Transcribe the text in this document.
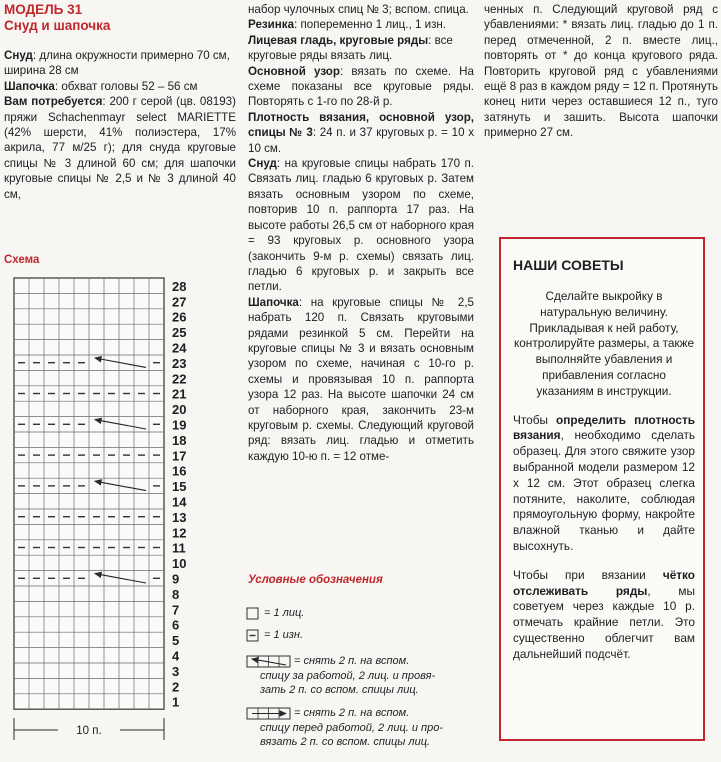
МОДЕЛЬ 31

Снуд и шапочка

Снуд: длина окружности примерно 70 см, ширина 28 см

Шапочка: обхват головы 52 – 56 см

Вам потребуется: 200 г серой (цв. 08193) пряжи Schachenmayr select MARIETTE (42% шерсти, 41% полиэстера, 17% акрила, 77 м/25 г); для снуда круговые спицы № 3 длиной 60 см; для шапочки круговые спицы № 2,5 и № 3 длиной 40 см,

набор чулочных спиц № 3; вспом. спица.

Резинка: попеременно 1 лиц., 1 изн.

Лицевая гладь, круговые ряды: все круговые ряды вязать лиц.

Основной узор: вязать по схеме. На схеме показаны все круговые ряды. Повторять с 1-го по 28-й р.

Плотность вязания, основной узор, спицы № 3: 24 п. и 37 круговых р. = 10 х 10 см.

Снуд: на круговые спицы набрать 170 п. Связать лиц. гладью 6 круговых р. Затем вязать основным узором по схеме, повторив 10 п. раппорта 17 раз. На высоте работы 26,5 см от наборного края = 93 круговых р. основного узора (закончить 9-м р. схемы) связать лиц. гладью 6 круговых р. и закрыть все петли.

Шапочка: на круговые спицы № 2,5 набрать 120 п. Связать круговыми рядами резинкой 5 см. Перейти на круговые спицы № 3 и вязать основным узором по схеме, начиная с 10-го р. схемы и провязывая 10 п. раппорта узора 12 раз. На высоте шапочки 24 см от наборного края, закончить 23-м круговым р. схемы. Следующий круговой ряд: вязать лиц. гладью и отметить каждую 10-ю п. = 12 отме-

ченных п. Следующий круговой ряд с убавлениями: * вязать лиц. гладью до 1 п. перед отмеченной, 2 п. вместе лиц., повторять от * до конца кругового ряда. Повторить круговой ряд с убавлениями ещё 8 раз в каждом ряду = 12 п. Протянуть конец нити через оставшиеся 12 п., туго затянуть и зашить. Высота шапочки примерно 27 см.

Схема
28
27
26
25
24
23
22
21
20
19
18
17
16
15
14
13
12
11
10
9
8
7
6
5
4
3
2
1
10 п.
Условные обозначения
= 1 лиц.
= 1 изн.
= снять 2 п. на вспом.
спицу за работой, 2 лиц. и провя-
зать 2 п. со вспом. спицы лиц.
= снять 2 п. на вспом.
спицу перед работой, 2 лиц. и про-
вязать 2 п. со вспом. спицы лиц.
НАШИ СОВЕТЫ

Сделайте выкройку в натуральную величину. Прикладывая к ней работу, контролируйте размеры, а также выполняйте убавления и прибавления согласно указаниям в инструкции.

Чтобы определить плотность вязания, необходимо сделать образец. Для этого свяжите узор выбранной модели размером 12 х 12 см. Этот образец слегка потяните, наколите, соблюдая прямоугольную форму, накройте влажной тканью и дайте высохнуть.

Чтобы при вязании чётко отслеживать ряды, мы советуем через каждые 10 р. отмечать крайние петли. Это существенно облегчит вам дальнейший подсчёт.
